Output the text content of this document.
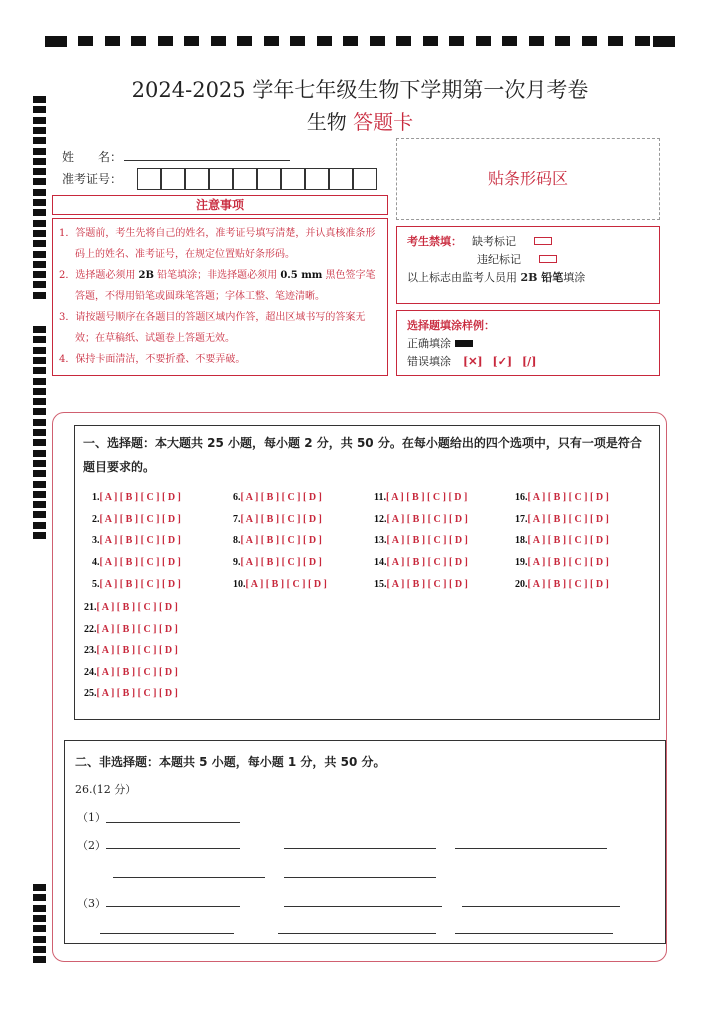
2024-2025 学年七年级生物下学期第一次月考卷
生物 答题卡
姓　　名：
准考证号：
注意事项
1．答题前，考生先将自己的姓名，准考证号填写清楚，并认真核准条形码上的姓名、准考证号，在规定位置贴好条形码。
2．选择题必须用 2B 铅笔填涂；非选择题必须用 0.5 mm 黑色签字笔答题，不得用铅笔或圆珠笔答题；字体工整、笔迹清晰。
3．请按题号顺序在各题目的答题区域内作答，超出区域书写的答案无效；在草稿纸、试题卷上答题无效。
4．保持卡面清洁，不要折叠、不要弄破。
贴条形码区
考生禁填： 缺考标记
违纪标记
以上标志由监考人员用 2B 铅笔填涂
选择题填涂样例：
正确填涂
错误填涂 [✕] [✓] [/]
一、选择题：本大题共 25 小题，每小题 2 分，共 50 分。在每小题给出的四个选项中，只有一项是符合题目要求的。
1.[ A ] [ B ] [ C ] [ D ]
2.[ A ] [ B ] [ C ] [ D ]
3.[ A ] [ B ] [ C ] [ D ]
4.[ A ] [ B ] [ C ] [ D ]
5.[ A ] [ B ] [ C ] [ D ]
6.[ A ] [ B ] [ C ] [ D ]
7.[ A ] [ B ] [ C ] [ D ]
8.[ A ] [ B ] [ C ] [ D ]
9.[ A ] [ B ] [ C ] [ D ]
10.[ A ] [ B ] [ C ] [ D ]
11.[ A ] [ B ] [ C ] [ D ]
12.[ A ] [ B ] [ C ] [ D ]
13.[ A ] [ B ] [ C ] [ D ]
14.[ A ] [ B ] [ C ] [ D ]
15.[ A ] [ B ] [ C ] [ D ]
16.[ A ] [ B ] [ C ] [ D ]
17.[ A ] [ B ] [ C ] [ D ]
18.[ A ] [ B ] [ C ] [ D ]
19.[ A ] [ B ] [ C ] [ D ]
20.[ A ] [ B ] [ C ] [ D ]
21.[ A ] [ B ] [ C ] [ D ]
22.[ A ] [ B ] [ C ] [ D ]
23.[ A ] [ B ] [ C ] [ D ]
24.[ A ] [ B ] [ C ] [ D ]
25.[ A ] [ B ] [ C ] [ D ]
二、非选择题：本题共 5 小题，每小题 1 分，共 50 分。
26.(12 分）
（1）
（2）
（3）
